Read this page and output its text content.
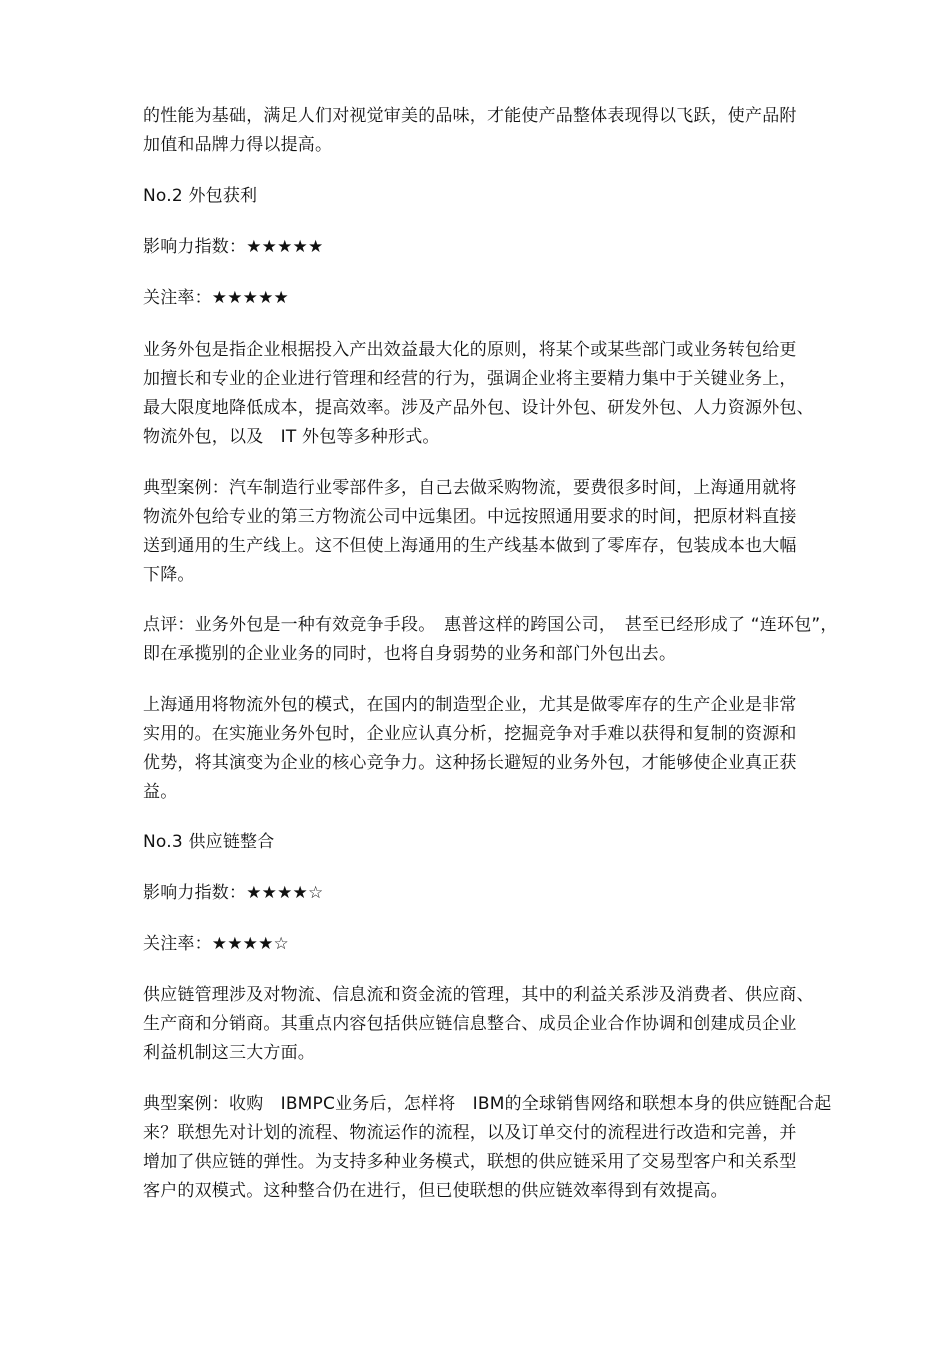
的性能为基础，满足人们对视觉审美的品味，才能使产品整体表现得以飞跃，使产品附
加值和品牌力得以提高。
No.2 外包获利
影响力指数：★★★★★
关注率：★★★★★
业务外包是指企业根据投入产出效益最大化的原则，将某个或某些部门或业务转包给更
加擅长和专业的企业进行管理和经营的行为，强调企业将主要精力集中于关键业务上，
最大限度地降低成本，提高效率。涉及产品外包、设计外包、研发外包、人力资源外包、
物流外包，以及　IT 外包等多种形式。
典型案例：汽车制造行业零部件多，自己去做采购物流，要费很多时间，上海通用就将
物流外包给专业的第三方物流公司中远集团。中远按照通用要求的时间，把原材料直接
送到通用的生产线上。这不但使上海通用的生产线基本做到了零库存，包装成本也大幅
下降。
点评：业务外包是一种有效竞争手段。　惠普这样的跨国公司，　甚至已经形成了 “连环包”，
即在承揽别的企业业务的同时，也将自身弱势的业务和部门外包出去。
上海通用将物流外包的模式，在国内的制造型企业，尤其是做零库存的生产企业是非常
实用的。在实施业务外包时，企业应认真分析，挖掘竞争对手难以获得和复制的资源和
优势，将其演变为企业的核心竞争力。这种扬长避短的业务外包，才能够使企业真正获
益。
No.3 供应链整合
影响力指数：★★★★☆
关注率：★★★★☆
供应链管理涉及对物流、信息流和资金流的管理，其中的利益关系涉及消费者、供应商、
生产商和分销商。其重点内容包括供应链信息整合、成员企业合作协调和创建成员企业
利益机制这三大方面。
典型案例：收购　IBMPC业务后，怎样将　IBM的全球销售网络和联想本身的供应链配合起
来？联想先对计划的流程、物流运作的流程，以及订单交付的流程进行改造和完善，并
增加了供应链的弹性。为支持多种业务模式，联想的供应链采用了交易型客户和关系型
客户的双模式。这种整合仍在进行，但已使联想的供应链效率得到有效提高。
